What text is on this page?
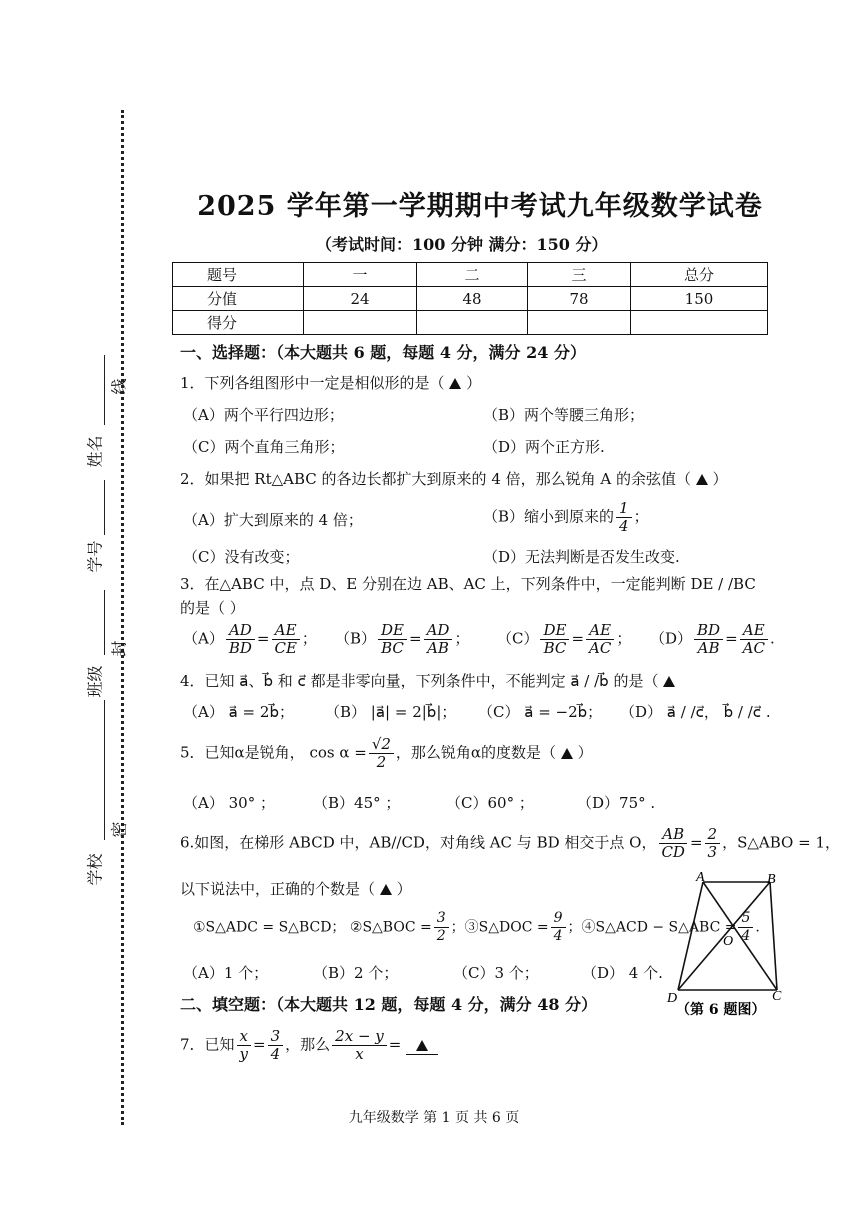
线
姓名
学号
封
班级
密
学校
2025 学年第一学期期中考试九年级数学试卷
（考试时间：100 分钟 满分：150 分）
题号	一	二	三	总分
分值	24	48	78	150
得分				
一、选择题：（本大题共 6 题，每题 4 分，满分 24 分）
1．下列各组图形中一定是相似形的是（  ）
（A）两个平行四边形；	（B）两个等腰三角形；
（C）两个直角三角形；	（D）两个正方形.
2．如果把 Rt△ABC 的各边长都扩大到原来的 4 倍，那么锐角 A 的余弦值（  ）
（A）扩大到原来的 4 倍；	（B）缩小到原来的 $\frac{1}{4}$ ；
（C）没有改变；	（D）无法判断是否发生改变.
3．在△ABC 中，点 D、E 分别在边 AB、AC 上，下列条件中，一定能判断 DE / /BC
的是（ ）
$(A) \frac{AD}{BD} = \frac{AE}{CE}$ ； $(B) \frac{DE}{BC} = \frac{AD}{AB}$ ； $(C) \frac{DE}{BC} = \frac{AE}{AC}$ ； $(D) \frac{BD}{AB} = \frac{AE}{AC}$ .
4．已知 a⃗、b⃗ 和 c⃗ 都是非零向量，下列条件中，不能判定 a⃗ / /b⃗ 的是（
（A） a⃗ = 2b⃗； （B） |a⃗| = 2|b⃗|； （C） a⃗ = −2b⃗； （D） a⃗ / /c⃗， b⃗ / /c⃗ .
5．已知α是锐角， $\cos \alpha = \frac{√2}{2}$ ，那么锐角α的度数是（  ）
（A） 30° ；	（B）45° ；	（C）60° ；	（D）75° .
6.如图，在梯形 ABCD 中，AB//CD，对角线 AC 与 BD 相交于点 O， $\frac{AB}{CD} = \frac{2}{3}$ ，S△ABO = 1，
以下说法中，正确的个数是（  ）
①S△ADC = S△BCD； ②S△BOC = $\frac{3}{2}$ ；③S△DOC = $\frac{9}{4}$ ；④S△ACD − S△ABC = $\frac{5}{4}$ .
（A）1 个；	（B）2 个；	（C）3 个；	（D） 4 个.
A	B
C
D
O
（第 6 题图）
二、填空题：（本大题共 12 题，每题 4 分，满分 48 分）
7．已知 $\frac{x}{y} = \frac{3}{4}$ ，那么 $\frac{2x - y}{x}$ =
九年级数学 第 1 页 共 6 页
